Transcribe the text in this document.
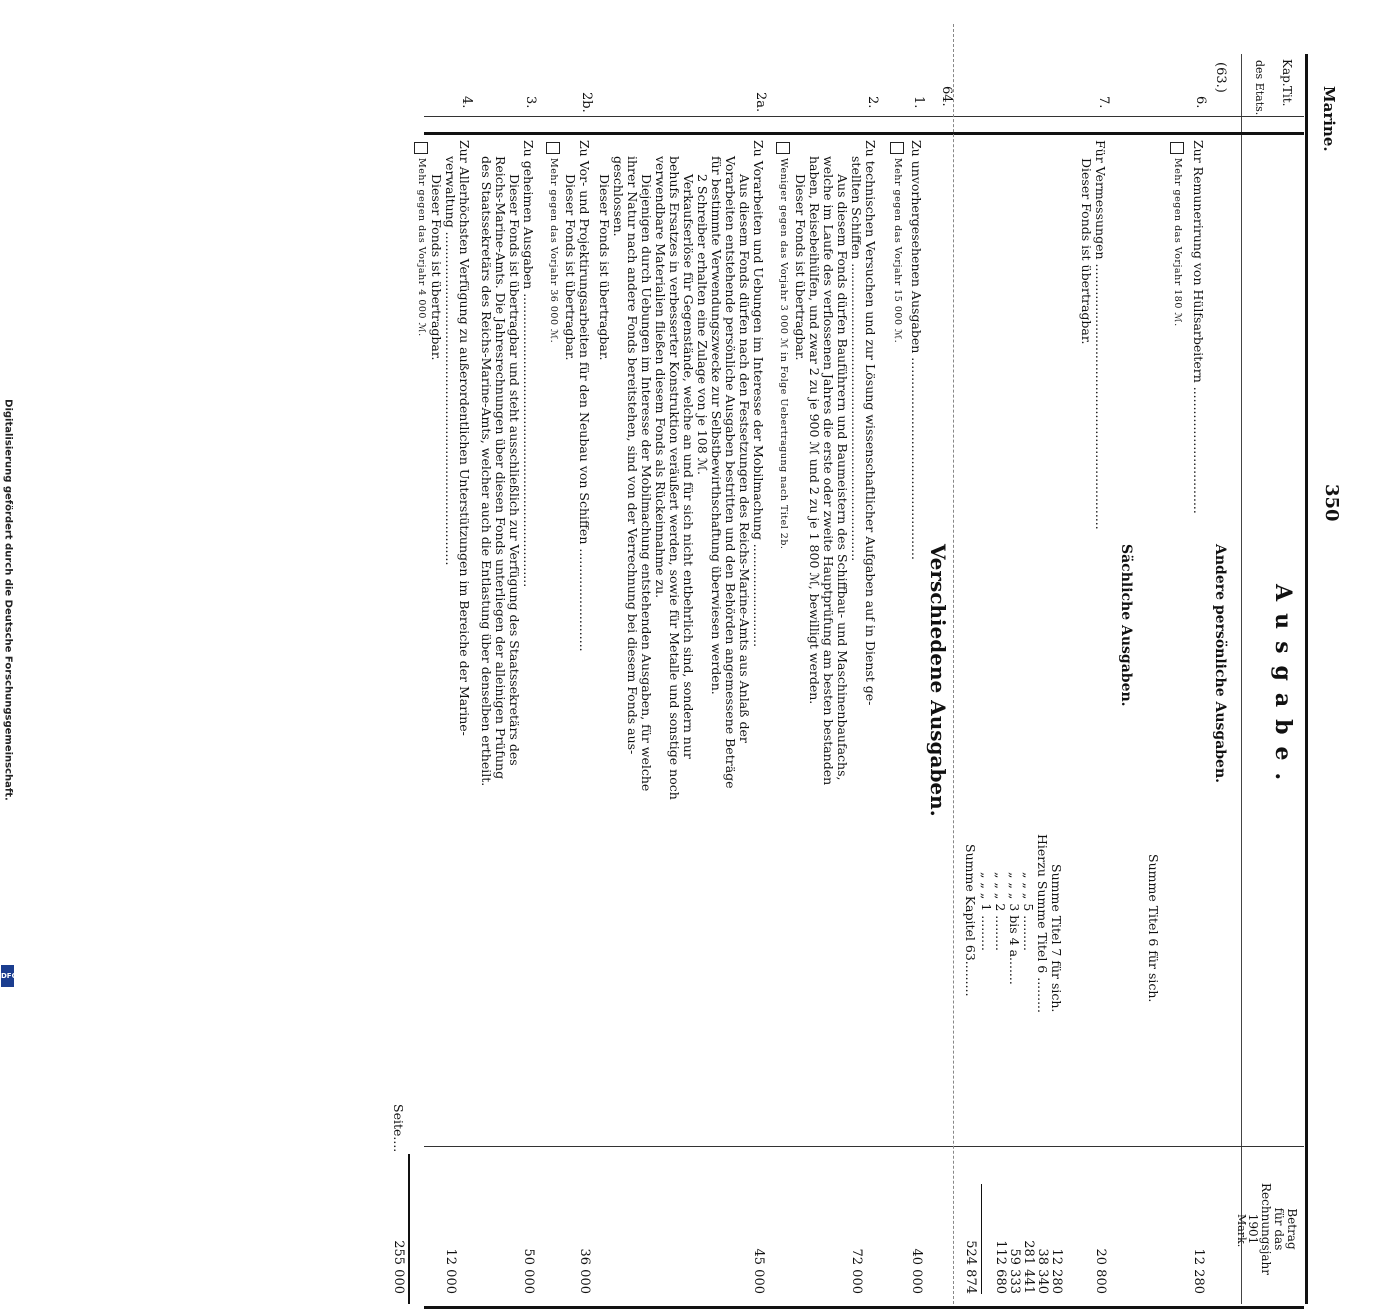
Digitalisierung gefördert durch die Deutsche Forschungsgemeinschaft.
DFG
Marine.
350
Kap.
Tit.
des Etats.
Ausgabe.
Betrag
für das
Rechnungsjahr
1901
Mark.
(63.)
6.
Andere persönliche Ausgaben.
Zur Remunerirung von Hülfsarbeitern ................................
Mehr gegen das Vorjahr 180 ℳ.
12 280
Summe Titel 6 für sich.
Sächliche Ausgaben.
7.
Für Vermessungen ...................................................................
Dieser Fonds ist übertragbar.
20 800
Summe Titel 7 für sich.
Hierzu Summe Titel 6 .........
„ „ „ 5 .........
„ „ „ 3 bis 4 a.......
„ „ „ 2 .........
„ „ „ 1 .........
Summe Kapitel 63.........
12 280
38 340
281 441
59 333
112 680
524 874
64.
Verschiedene Ausgaben.
1.
Zu unvorhergesehenen Ausgaben ...................................................
Mehr gegen das Vorjahr 15 000 ℳ.
40 000
2.
Zu technischen Versuchen und zur Lösung wissenschaftlicher Aufgaben auf in Dienst ge-
stellten Schiffen ...........................................................................
Aus diesem Fonds dürfen Bauführern und Baumeistern des Schiffbau- und Maschinenbaufachs,
welche im Laufe des verflossenen Jahres die erste oder zweite Hauptprüfung am besten bestanden
haben, Reisebeihülfen, und zwar 2 zu je 900 ℳ und 2 zu je 1 800 ℳ, bewilligt werden.
Dieser Fonds ist übertragbar.
Weniger gegen das Vorjahr 3 000 ℳ in Folge Uebertragung nach Titel 2b.
72 000
2a.
Zu Vorarbeiten und Uebungen im Interesse der Mobilmachung ..........................
Aus diesem Fonds dürfen nach den Festsetzungen des Reichs-Marine-Amts aus Anlaß der
Vorarbeiten entstehende persönliche Ausgaben bestritten und den Behörden angemessene Beträge
für bestimmte Verwendungszwecke zur Selbstbewirthschaftung überwiesen werden.
2 Schreiber erhalten eine Zulage von je 108 ℳ.
Verkaufserlöse für Gegenstände, welche an und für sich nicht entbehrlich sind, sondern nur
behufs Ersatzes in verbesserter Konstruktion veräußert werden, sowie für Metalle und sonstige noch
verwendbare Materialien fließen diesem Fonds als Rückeinnahme zu.
Diejenigen durch Uebungen im Interesse der Mobilmachung entstehenden Ausgaben, für welche
ihrer Natur nach andere Fonds bereitstehen, sind von der Verrechnung bei diesem Fonds aus-
geschlossen.
Dieser Fonds ist übertragbar.
45 000
2b.
Zu Vor- und Projektirungsarbeiten für den Neubau von Schiffen ..........................
Dieser Fonds ist übertragbar.
Mehr gegen das Vorjahr 36 000 ℳ.
36 000
3.
Zu geheimen Ausgaben ..........................................................................
Dieser Fonds ist übertragbar und steht ausschließlich zur Verfügung des Staatssekretärs des
Reichs-Marine-Amts. Die Jahresrechnungen über diesen Fonds unterliegen der alleinigen Prüfung
des Staatssekretärs des Reichs-Marine-Amts, welcher auch die Entlastung über denselben ertheilt.
50 000
4.
Zur Allerhöchsten Verfügung zu außerordentlichen Unterstützungen im Bereiche der Marine-
verwaltung ....................................................................................
Dieser Fonds ist übertragbar.
Mehr gegen das Vorjahr 4 000 ℳ.
12 000
Seite....
255 000
